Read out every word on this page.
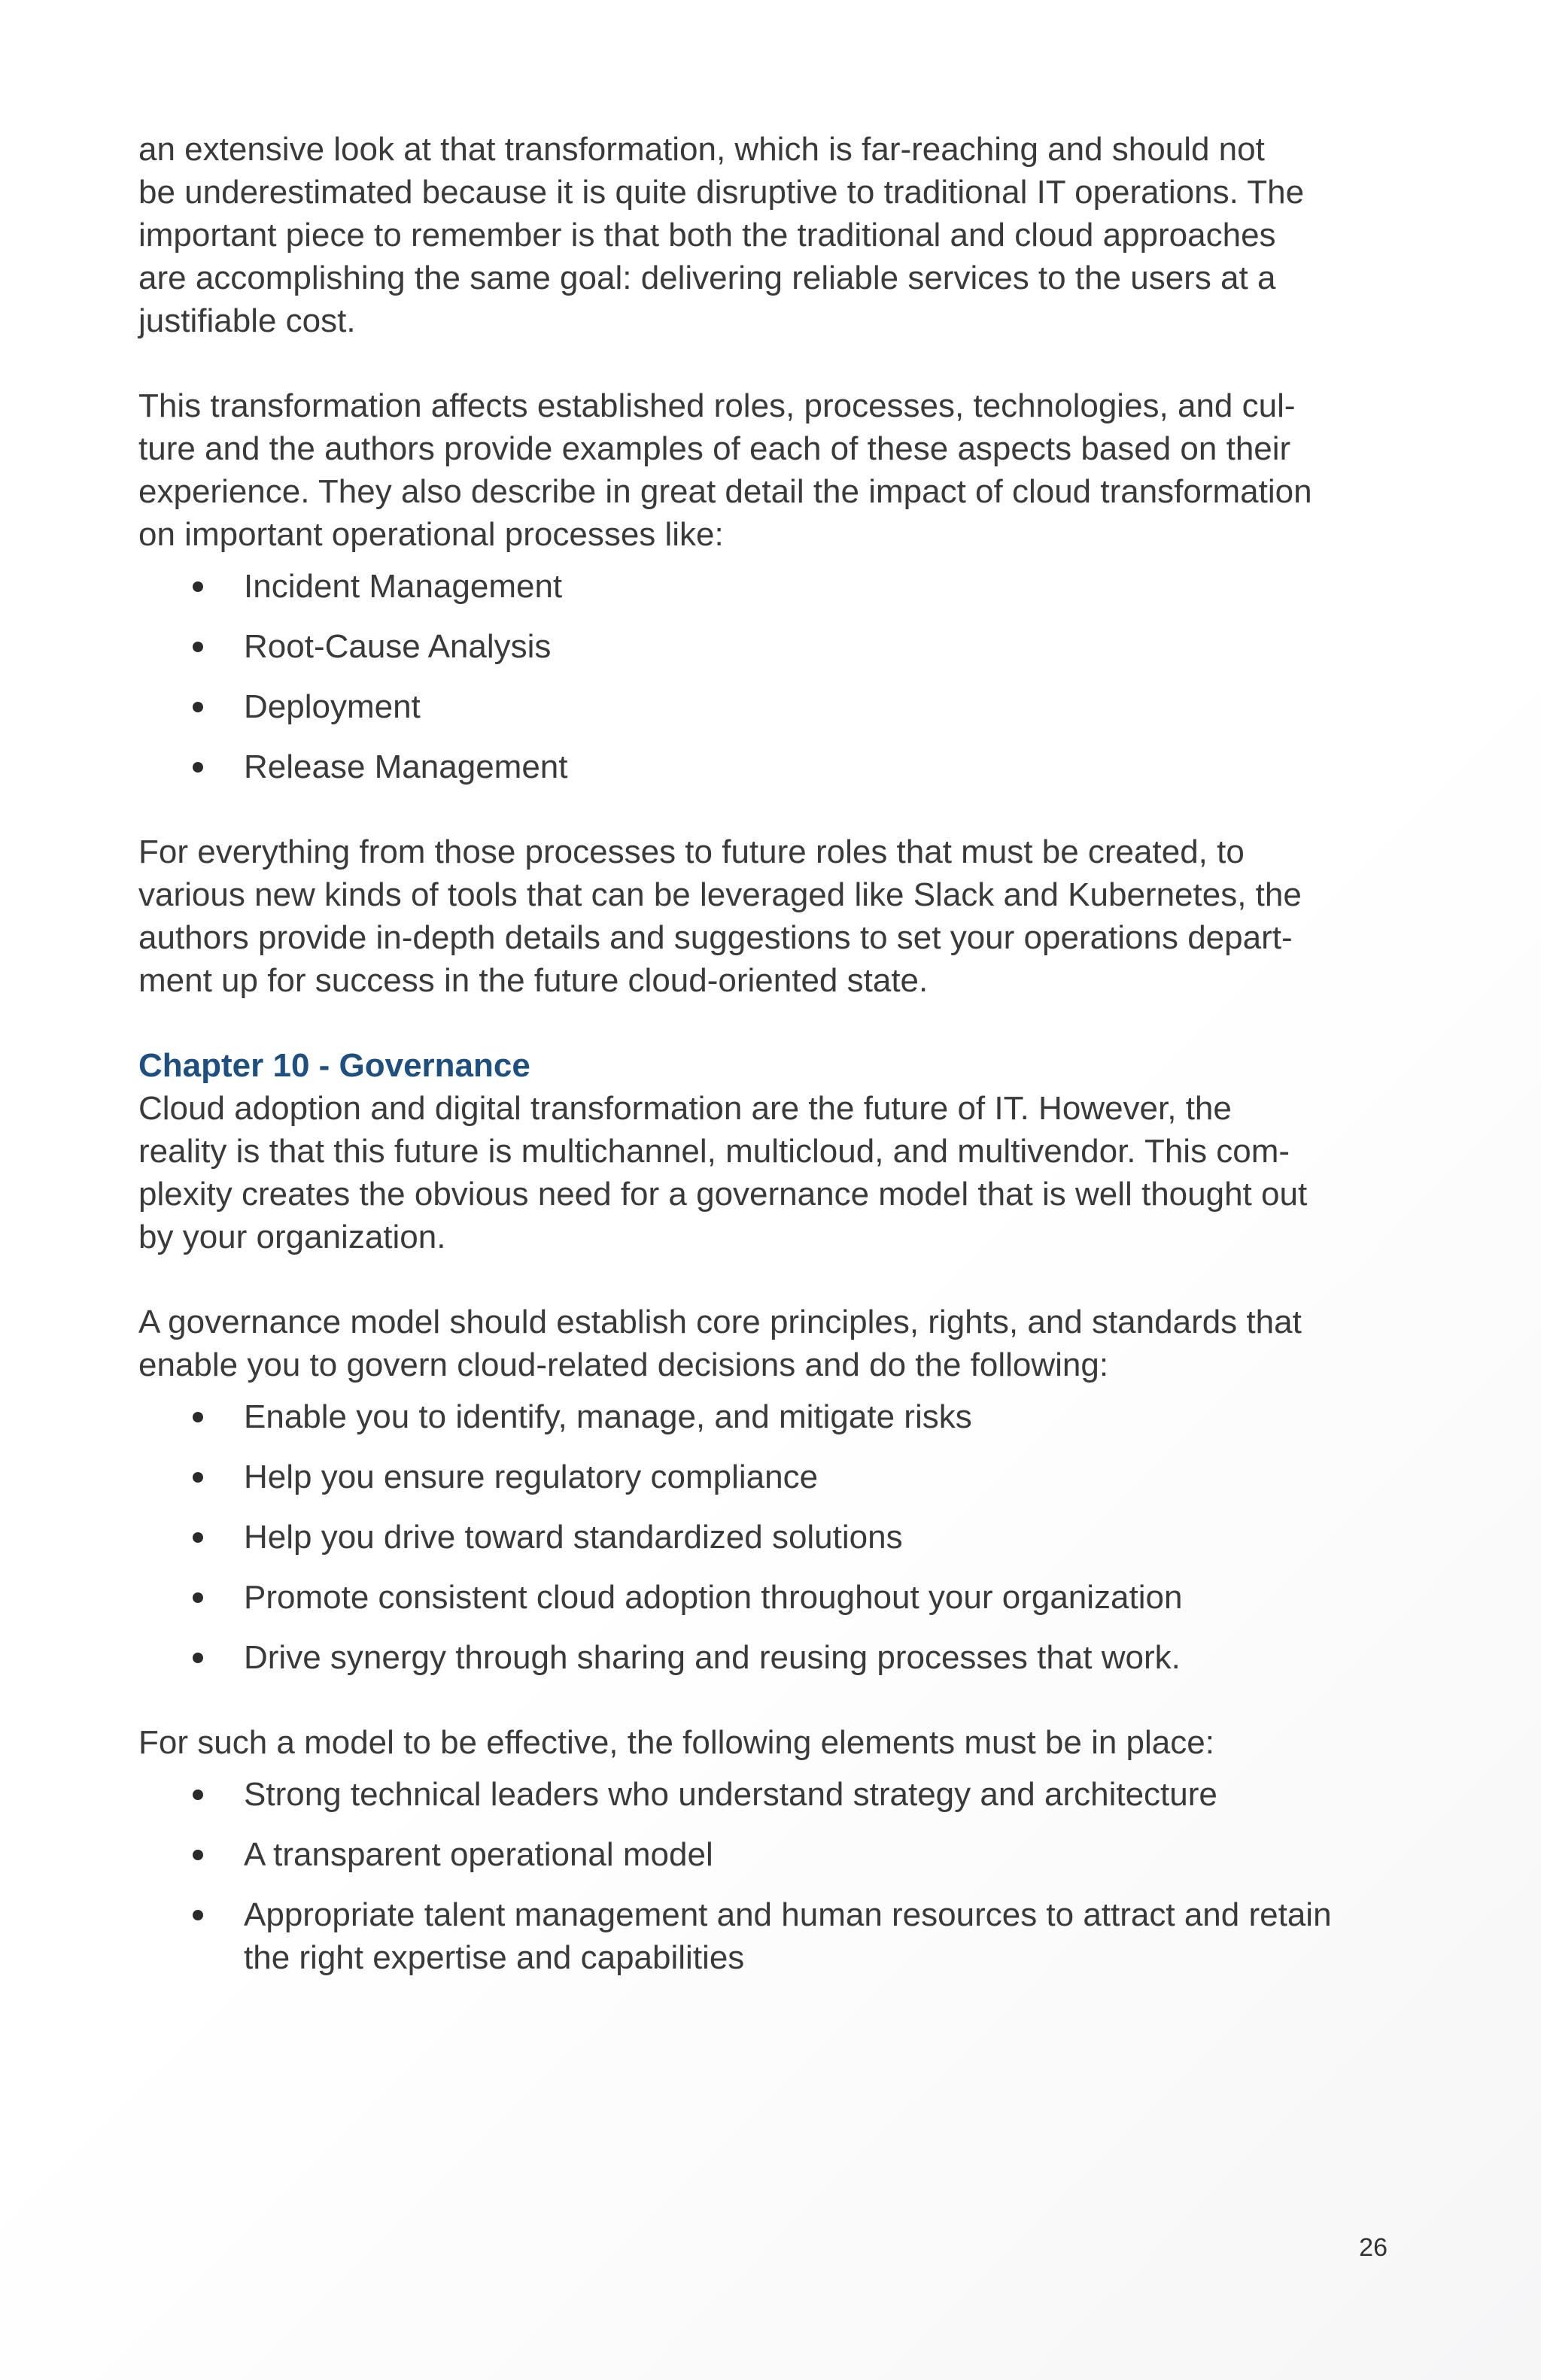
an extensive look at that transformation, which is far-reaching and should not
be underestimated because it is quite disruptive to traditional IT operations. The
important piece to remember is that both the traditional and cloud approaches
are accomplishing the same goal: delivering reliable services to the users at a
justifiable cost.

This transformation affects established roles, processes, technologies, and cul-
ture and the authors provide examples of each of these aspects based on their
experience. They also describe in great detail the impact of cloud transformation
on important operational processes like:

Incident Management
Root-Cause Analysis
Deployment
Release Management

For everything from those processes to future roles that must be created, to
various new kinds of tools that can be leveraged like Slack and Kubernetes, the
authors provide in-depth details and suggestions to set your operations depart-
ment up for success in the future cloud-oriented state.

Chapter 10 - Governance

Cloud adoption and digital transformation are the future of IT. However, the
reality is that this future is multichannel, multicloud, and multivendor. This com-
plexity creates the obvious need for a governance model that is well thought out
by your organization.

A governance model should establish core principles, rights, and standards that
enable you to govern cloud-related decisions and do the following:

Enable you to identify, manage, and mitigate risks
Help you ensure regulatory compliance
Help you drive toward standardized solutions
Promote consistent cloud adoption throughout your organization
Drive synergy through sharing and reusing processes that work.

For such a model to be effective, the following elements must be in place:

Strong technical leaders who understand strategy and architecture
A transparent operational model
Appropriate talent management and human resources to attract and retain
the right expertise and capabilities
26
